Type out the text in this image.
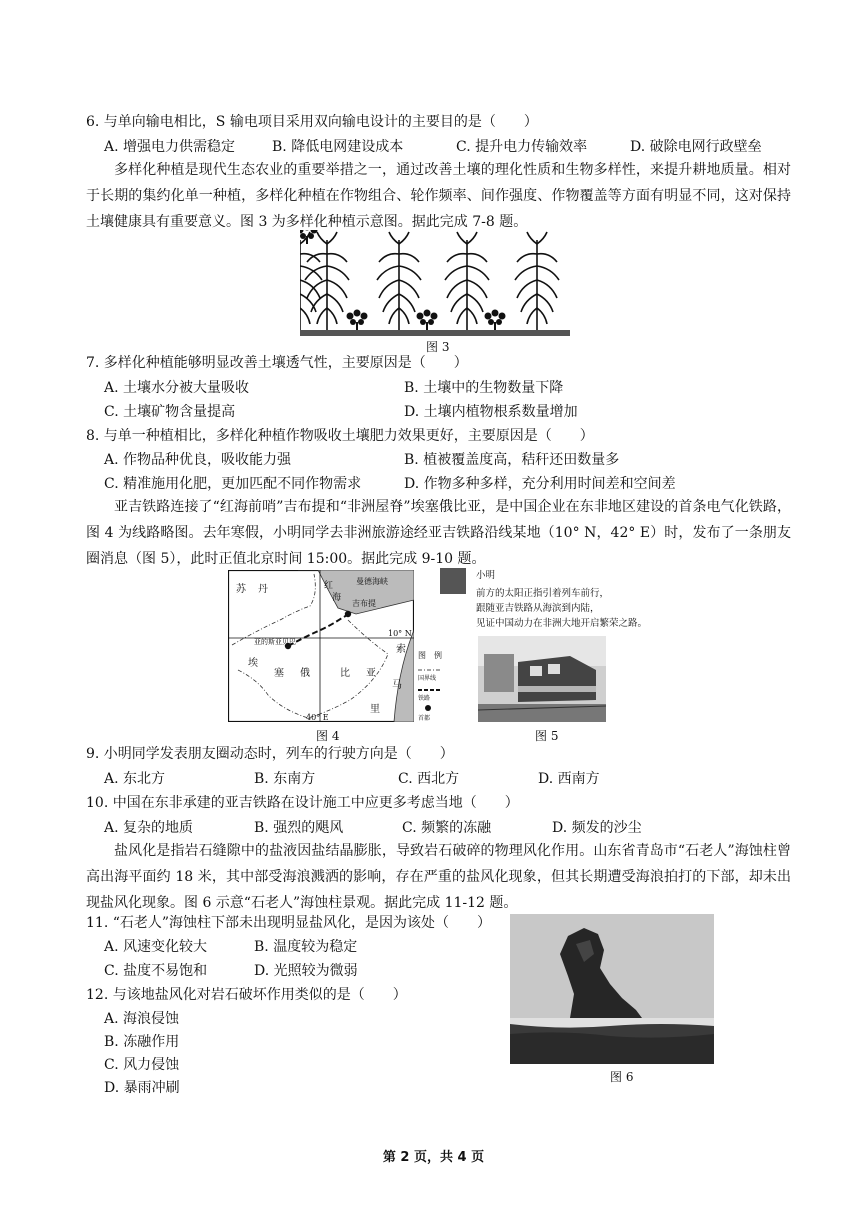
6. 与单向输电相比，S 输电项目采用双向输电设计的主要目的是（　　）
A. 增强电力供需稳定	B. 降低电网建设成本	C. 提升电力传输效率	D. 破除电网行政壁垒
多样化种植是现代生态农业的重要举措之一，通过改善土壤的理化性质和生物多样性，来提升耕地质量。相对于长期的集约化单一种植，多样化种植在作物组合、轮作频率、间作强度、作物覆盖等方面有明显不同，这对保持土壤健康具有重要意义。图 3 为多样化种植示意图。据此完成 7-8 题。
图 3
7. 多样化种植能够明显改善土壤透气性，主要原因是（　　）
A. 土壤水分被大量吸收	B. 土壤中的生物数量下降
C. 土壤矿物含量提高	D. 土壤内植物根系数量增加
8. 与单一种植相比，多样化种植作物吸收土壤肥力效果更好，主要原因是（　　）
A. 作物品种优良，吸收能力强	B. 植被覆盖度高，秸秆还田数量多
C. 精准施用化肥，更加匹配不同作物需求	D. 作物多种多样，充分利用时间差和空间差
亚吉铁路连接了“红海前哨”吉布提和“非洲屋脊”埃塞俄比亚，是中国企业在东非地区建设的首条电气化铁路，图 4 为线路略图。去年寒假，小明同学去非洲旅游途经亚吉铁路沿线某地（10° N，42° E）时，发布了一条朋友圈消息（图 5），此时正值北京时间 15:00。据此完成 9-10 题。
苏 丹	红
海
曼德海峡
吉布提
亚的斯亚贝巴
埃
塞 俄	比 亚
索
马
里
10° N
40° E
图　例
国界线
铁路
首都
图 4
小明
前方的太阳正指引着列车前行，
跟随亚吉铁路从海滨到内陆，
见证中国动力在非洲大地开启繁荣之路。
图 5
9. 小明同学发表朋友圈动态时，列车的行驶方向是（　　）
A. 东北方	B. 东南方	C. 西北方	D. 西南方
10. 中国在东非承建的亚吉铁路在设计施工中应更多考虑当地（　　）
A. 复杂的地质	B. 强烈的飓风	C. 频繁的冻融	D. 频发的沙尘
盐风化是指岩石缝隙中的盐液因盐结晶膨胀，导致岩石破碎的物理风化作用。山东省青岛市“石老人”海蚀柱曾高出海平面约 18 米，其中部受海浪溅洒的影响，存在严重的盐风化现象，但其长期遭受海浪拍打的下部，却未出现盐风化现象。图 6 示意“石老人”海蚀柱景观。据此完成 11-12 题。
11. “石老人”海蚀柱下部未出现明显盐风化，是因为该处（　　）
A. 风速变化较大	B. 温度较为稳定
C. 盐度不易饱和	D. 光照较为微弱
12. 与该地盐风化对岩石破坏作用类似的是（　　）
A. 海浪侵蚀
B. 冻融作用
C. 风力侵蚀
D. 暴雨冲刷
图 6
第 2 页，共 4 页
